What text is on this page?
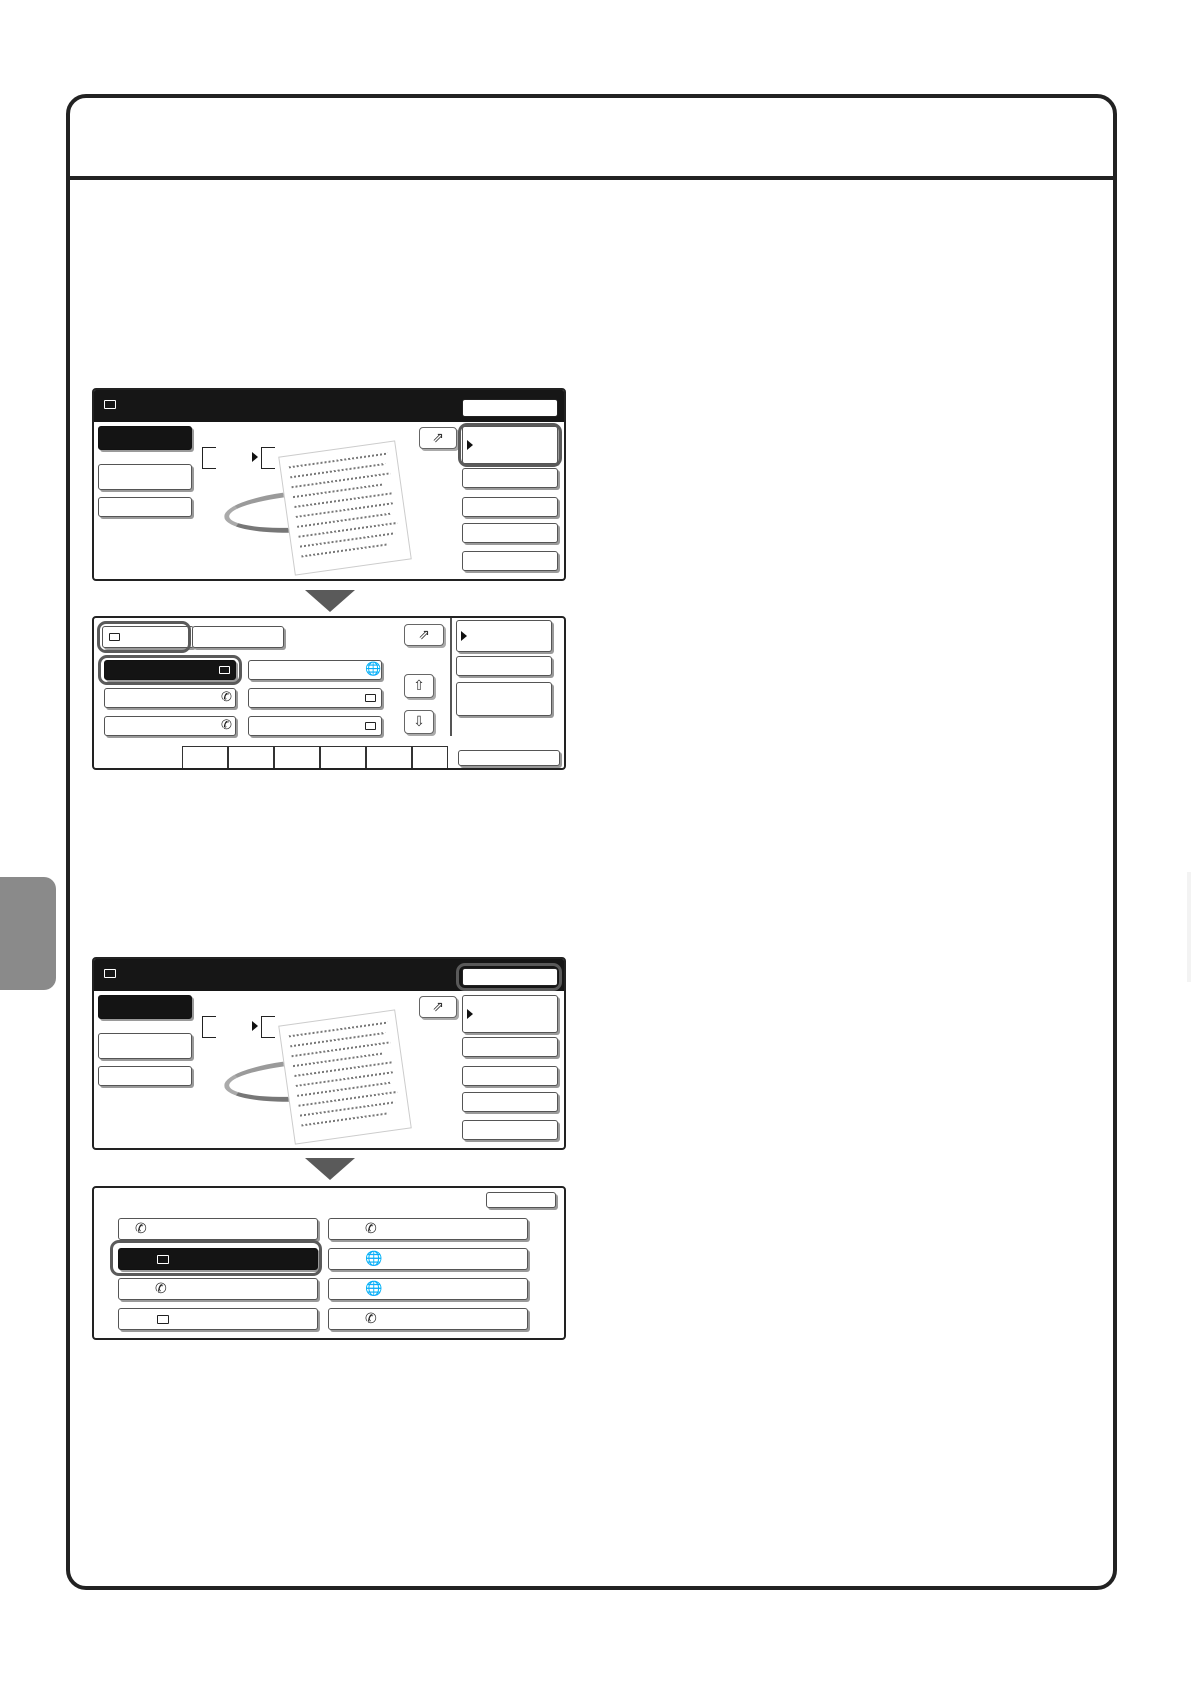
⇗
⇗
🌐
✆
✆
⇧
⇩
⇗
✆	✆
🌐
✆	🌐
✆
